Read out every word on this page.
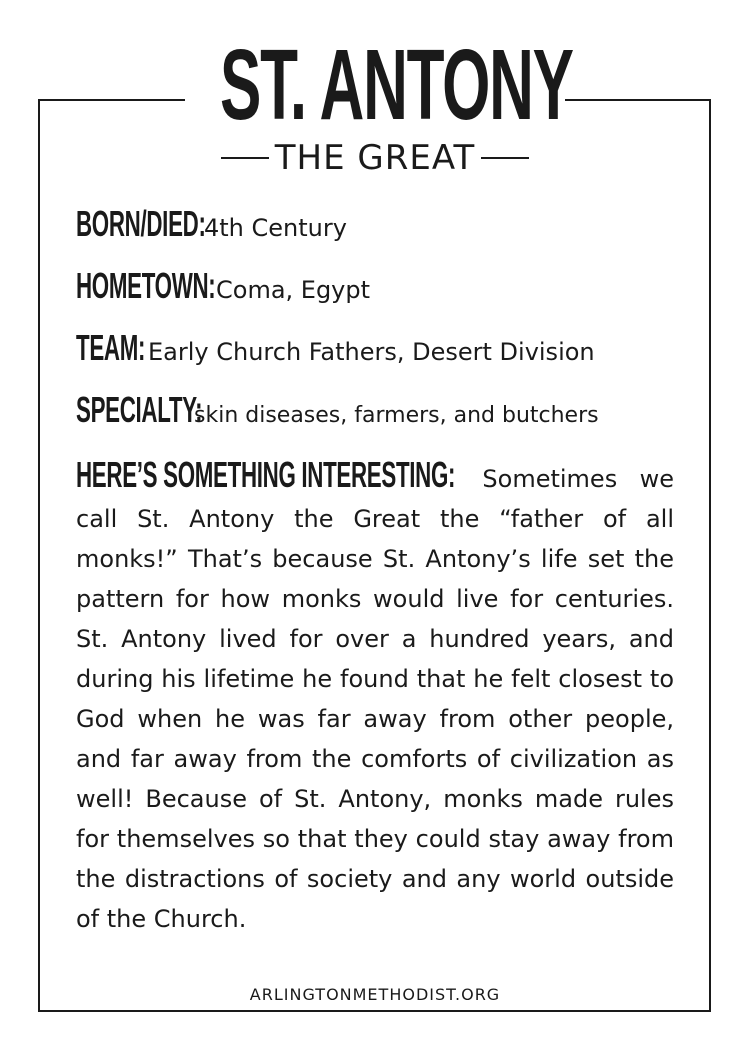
ST. ANTONY
THE GREAT
BORN/DIED:4th Century
HOMETOWN:Coma, Egypt
TEAM: Early Church Fathers, Desert Division
SPECIALTY:skin diseases, farmers, and butchers
HERE’S SOMETHING INTERESTING: Sometimes we call St. Antony the Great the “father of all monks!” That’s because St. Antony’s life set the pattern for how monks would live for centuries. St. Antony lived for over a hundred years, and during his lifetime he found that he felt closest to God when he was far away from other people, and far away from the comforts of civilization as well! Because of St. Antony, monks made rules for themselves so that they could stay away from the distractions of society and any world outside of the Church.
ARLINGTONMETHODIST.ORG
